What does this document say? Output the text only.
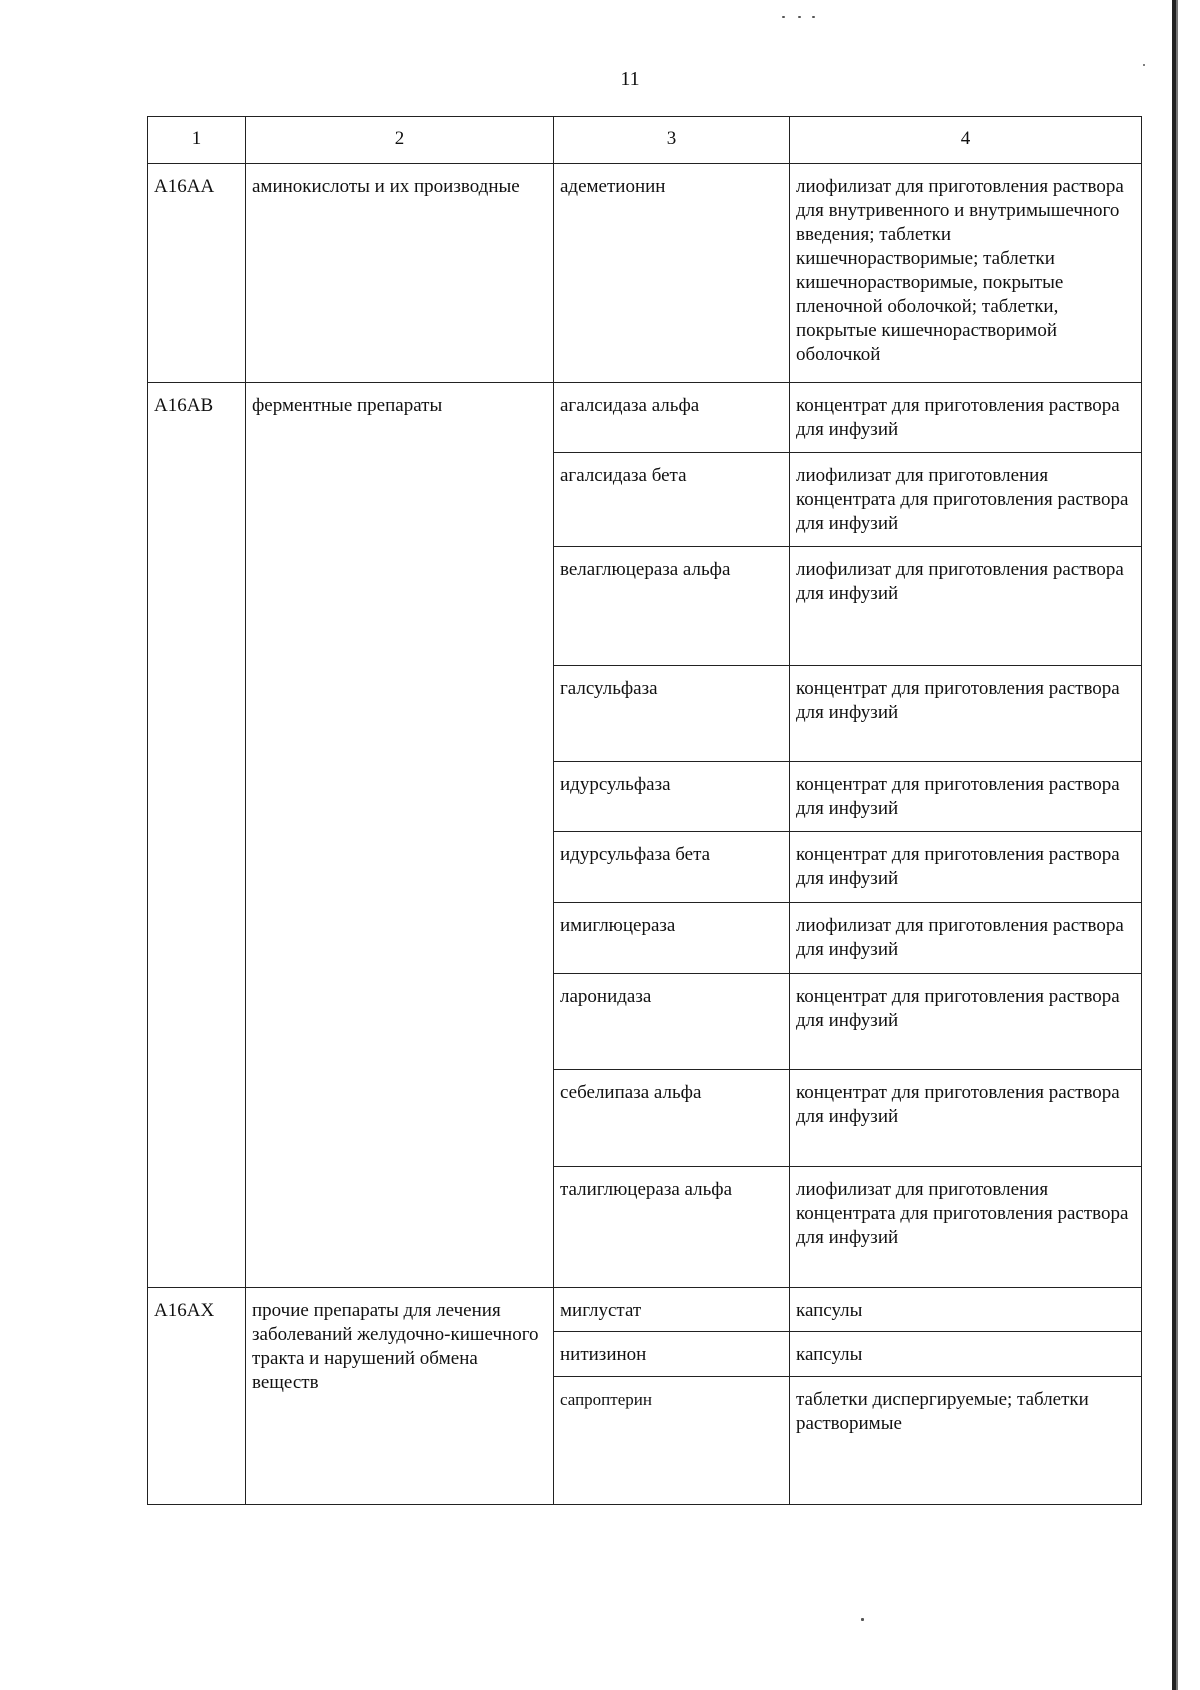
11
1	2	3	4
A16AA	аминокислоты и их производные	адеметионин	лиофилизат для приготовления раствора для внутривенного и внутримышечного введения; таблетки кишечнорастворимые; таблетки кишечнорастворимые, покрытые пленочной оболочкой; таблетки, покрытые кишечнорастворимой оболочкой
A16AB	ферментные препараты	агалсидаза альфа	концентрат для приготовления раствора для инфузий
		агалсидаза бета	лиофилизат для приготовления концентрата для приготовления раствора для инфузий
		велаглюцераза альфа	лиофилизат для приготовления раствора для инфузий
		галсульфаза	концентрат для приготовления раствора для инфузий
		идурсульфаза	концентрат для приготовления раствора для инфузий
		идурсульфаза бета	концентрат для приготовления раствора для инфузий
		имиглюцераза	лиофилизат для приготовления раствора для инфузий
		ларонидаза	концентрат для приготовления раствора для инфузий
		себелипаза альфа	концентрат для приготовления раствора для инфузий
		талиглюцераза альфа	лиофилизат для приготовления концентрата для приготовления раствора для инфузий
A16AX	прочие препараты для лечения заболеваний желудочно-кишечного тракта и нарушений обмена веществ	миглустат	капсулы
		нитизинон	капсулы
		сапроптерин	таблетки диспергируемые; таблетки растворимые
